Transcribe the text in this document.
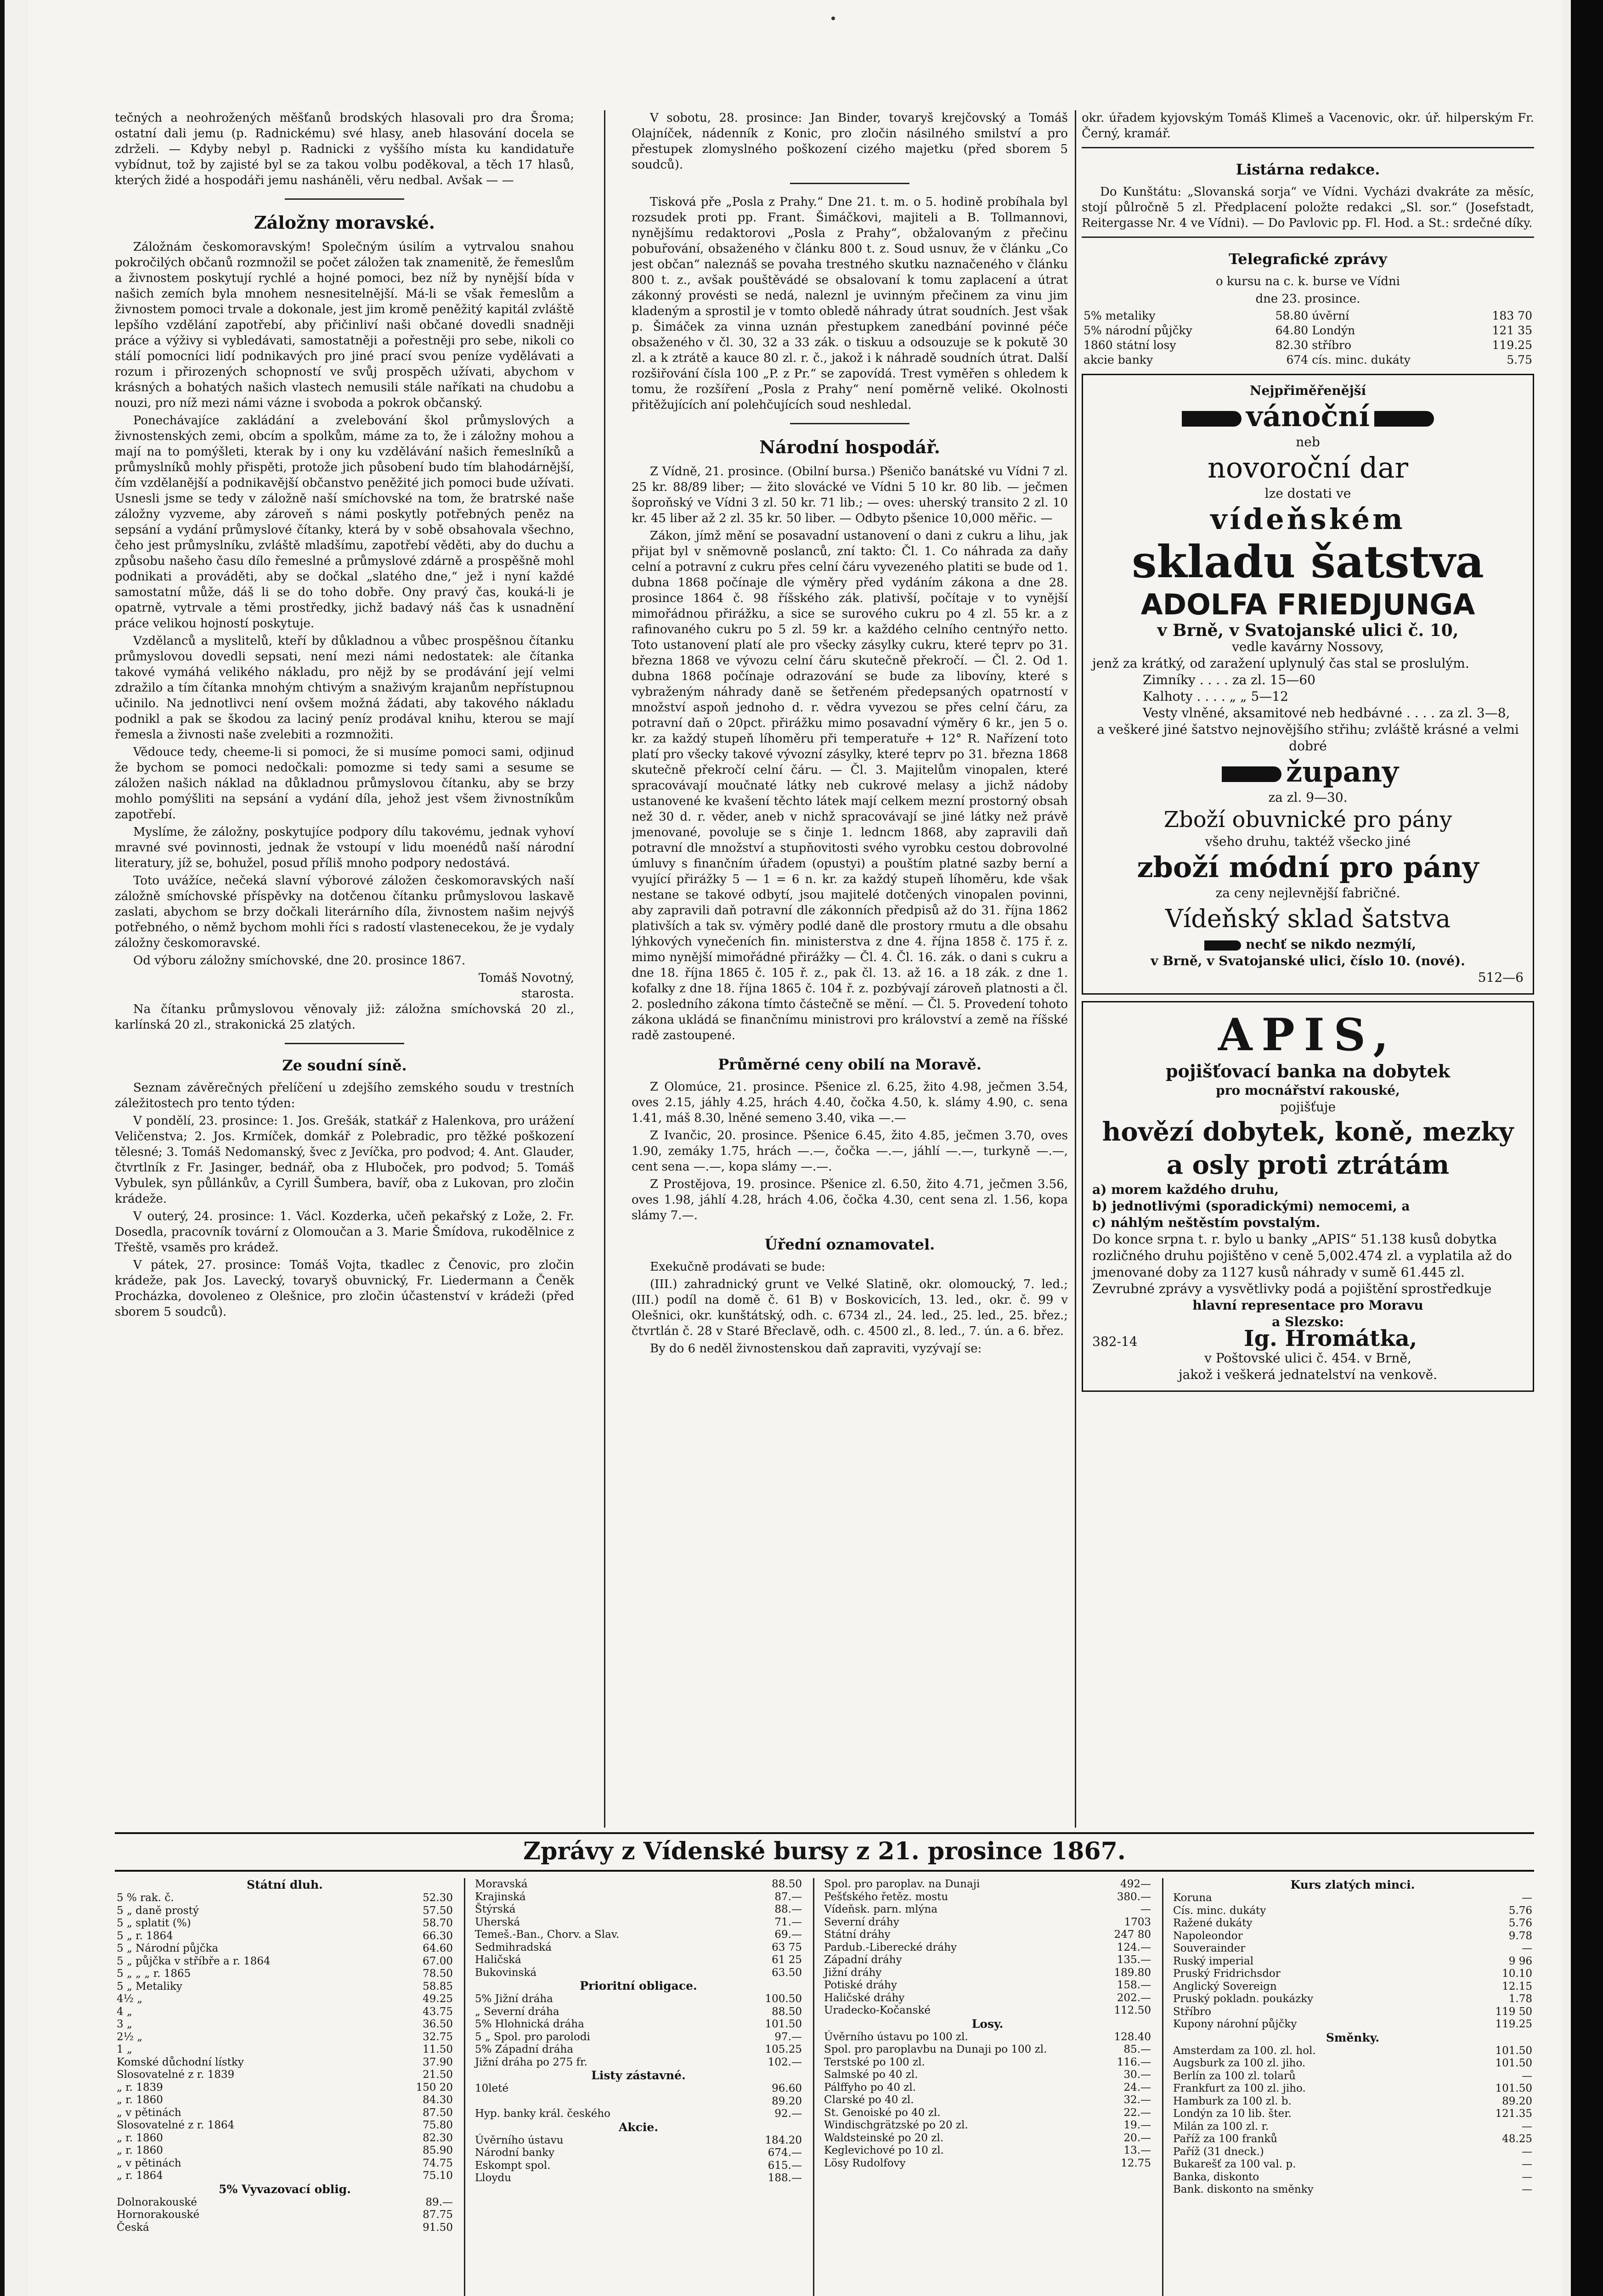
tečných a neohrožených měšťanů brodských hlasovali pro dra Šroma; ostatní dali jemu (p. Radnickému) své hlasy, aneb hlasování docela se zdrželi. — Kdyby nebyl p. Radnicki z vyššího místa ku kandidatuře vybídnut, tož by zajisté byl se za takou volbu poděkoval, a těch 17 hlasů, kterých židé a hospodáři jemu nasháněli, věru nedbal. Avšak — —

Záložny moravské.

Záložnám českomoravským! Společným úsilím a vytrvalou snahou pokročilých občanů rozmnožil se počet záložen tak znamenitě, že řemeslům a živnostem poskytují rychlé a hojné pomoci, bez níž by nynější bída v našich zemích byla mnohem nesnesitelnější. Má-li se však řemeslům a živnostem pomoci trvale a dokonale, jest jim kromě peněžitý kapitál zvláště lepšího vzdělání zapotřebí, aby přičinliví naši občané dovedli snadněji práce a výživy si vybledávati, samostatněji a pořestněji pro sebe, nikoli co stálí pomocníci lidí podnikavých pro jiné prací svou peníze vydělávati a rozum i přirozených schopností ve svůj prospěch užívati, abychom v krásných a bohatých našich vlastech nemusili stále naříkati na chudobu a nouzi, pro níž mezi námi vázne i svoboda a pokrok občanský.

Ponechávajíce zakládání a zvelebování škol průmyslových a živnostenských zemi, obcím a spolkům, máme za to, že i záložny mohou a mají na to pomýšleti, kterak by i ony ku vzdělávání našich řemeslníků a průmyslníků mohly přispěti, protože jich působení budo tím blahodárnější, čím vzdělanější a podnikavější občanstvo peněžité jich pomoci bude užívati. Usnesli jsme se tedy v záložně naší smíchovské na tom, že bratrské naše záložny vyzveme, aby zároveň s námi poskytly potřebných peněz na sepsání a vydání průmyslové čítanky, která by v sobě obsahovala všechno, čeho jest průmyslníku, zvláště mladšímu, zapotřebí věděti, aby do duchu a způsobu našeho času dílo řemeslné a průmyslové zdárně a prospěšně mohl podnikati a prováděti, aby se dočkal „slatého dne,“ jež i nyní každé samostatní může, dáš li se do toho dobře. Ony pravý čas, kouká-li je opatrně, vytrvale a těmi prostředky, jichž badavý náš čas k usnadnění práce velikou hojností poskytuje.

Vzdělanců a myslitelů, kteří by důkladnou a vůbec prospěšnou čítanku průmyslovou dovedli sepsati, není mezi námi nedostatek: ale čítanka takové vymáhá velikého nákladu, pro nějž by se prodávání její velmi zdražilo a tím čítanka mnohým chtivým a snaživým krajanům nepřístupnou učinilo. Na jednotlivci není ovšem možná žádati, aby takového nákladu podnikl a pak se škodou za laciný peníz prodával knihu, kterou se mají řemesla a živnosti naše zvelebiti a rozmnožiti.

Vědouce tedy, cheeme-li si pomoci, že si musíme pomoci sami, odjinud že bychom se pomoci nedočkali: pomozme si tedy sami a sesume se záložen našich náklad na důkladnou průmyslovou čítanku, aby se brzy mohlo pomýšliti na sepsání a vydání díla, jehož jest všem živnostníkům zapotřebí.

Myslíme, že záložny, poskytujíce podpory dílu takovému, jednak vyhoví mravné své povinnosti, jednak že vstoupí v lidu moenédů naší národní literatury, jíž se, bohužel, posud příliš mnoho podpory nedostává.

Toto uvážíce, nečeká slavní výborové záložen českomoravských naší záložně smíchovské příspěvky na dotčenou čítanku průmyslovou laskavě zaslati, abychom se brzy dočkali literárního díla, živnostem našim nejvýš potřebného, o němž bychom mohli říci s radostí vlastenecekou, že je vydaly záložny českomoravské.

Od výboru záložny smíchovské, dne 20. prosince 1867.

Tomáš Novotný,

starosta.

Na čítanku průmyslovou věnovaly již: záložna smíchovská 20 zl., karlínská 20 zl., strakonická 25 zlatých.

Ze soudní síně.

Seznam závěrečných přelíčení u zdejšího zemského soudu v trestních záležitostech pro tento týden:

V pondělí, 23. prosince: 1. Jos. Grešák, statkář z Halenkova, pro urážení Veličenstva; 2. Jos. Krmíček, domkář z Polebradic, pro těžké poškození tělesné; 3. Tomáš Nedomanský, švec z Jevíčka, pro podvod; 4. Ant. Glauder, čtvrtlník z Fr. Jasinger, bednář, oba z Hluboček, pro podvod; 5. Tomáš Vybulek, syn půllánkův, a Cyrill Šumbera, bavíř, oba z Lukovan, pro zločin krádeže.

V outerý, 24. prosince: 1. Václ. Kozderka, učeň pekařský z Lože, 2. Fr. Dosedla, pracovník tovární z Olomoučan a 3. Marie Šmídova, rukodělnice z Třeště, vsaměs pro krádež.

V pátek, 27. prosince: Tomáš Vojta, tkadlec z Čenovic, pro zločin krádeže, pak Jos. Lavecký, tovaryš obuvnický, Fr. Liedermann a Čeněk Procházka, dovoleneo z Olešnice, pro zločin účastenství v krádeži (před sborem 5 soudců).

V sobotu, 28. prosince: Jan Binder, tovaryš krejčovský a Tomáš Olajníček, nádenník z Konic, pro zločin násilného smilství a pro přestupek zlomyslného poškození cizého majetku (před sborem 5 soudců).

Tisková pře „Posla z Prahy.“ Dne 21. t. m. o 5. hodině probíhala byl rozsudek proti pp. Frant. Šimáčkovi, majiteli a B. Tollmannovi, nynějšímu redaktorovi „Posla z Prahy“, obžalovaným z přečinu pobuřování, obsaženého v článku 800 t. z. Soud usnuv, že v článku „Co jest občan“ naleznáš se povaha trestného skutku naznačeného v článku 800 t. z., avšak pouštěvádé se obsalovaní k tomu zaplacení a útrat zákonný provésti se nedá, naleznl je uvinným přečinem za vinu jim kladeným a sprostil je v tomto obledě náhrady útrat soudních. Jest však p. Šimáček za vinna uznán přestupkem zanedbání povinné péče obsaženého v čl. 30, 32 a 33 zák. o tiskuu a odsouzuje se k pokutě 30 zl. a k ztrátě a kauce 80 zl. r. č., jakož i k náhradě soudních útrat. Další rozšiřování čísla 100 „P. z Pr.“ se zapovídá. Trest vyměřen s ohledem k tomu, že rozšíření „Posla z Prahy“ není poměrně veliké. Okolnosti přitěžujících aní polehčujících soud neshledal.

Národní hospodář.

Z Vídně, 21. prosince. (Obilní bursa.) Pšeničo banátské vu Vídni 7 zl. 25 kr. 88/89 liber; — žito slovácké ve Vídni 5 10 kr. 80 lib. — ječmen šoproňský ve Vídni 3 zl. 50 kr. 71 lib.; — oves: uherský transito 2 zl. 10 kr. 45 liber až 2 zl. 35 kr. 50 liber. — Odbyto pšenice 10,000 měřic. —

Zákon, jímž mění se posavadní ustanovení o dani z cukru a lihu, jak přijat byl v sněmovně poslanců, zní takto: Čl. 1. Co náhrada za daňy celní a potravní z cukru přes celní čáru vyvezeného platiti se bude od 1. dubna 1868 počínaje dle výměry před vydáním zákona a dne 28. prosince 1864 č. 98 říšského zák. plativší, počítaje v to vynější mimořádnou přirážku, a sice se surového cukru po 4 zl. 55 kr. a z rafinovaného cukru po 5 zl. 59 kr. a každého celního centnýřo netto. Toto ustanovení platí ale pro všecky zásylky cukru, které teprv po 31. března 1868 ve vývozu celní čáru skutečně překročí. — Čl. 2. Od 1. dubna 1868 počínaje odrazování se bude za libovíny, které s vybraženým náhrady daně se šetřeném předepsaných opatrností v množství aspoň jednoho d. r. vědra vyvezou se přes celní čáru, za potravní daň o 20pct. přirážku mimo posavadní výměry 6 kr., jen 5 o. kr. za každý stupeň líhoměru při temperatuře + 12° R. Nařízení toto platí pro všecky takové vývozní zásylky, které teprv po 31. března 1868 skutečně překročí celní čáru. — Čl. 3. Majitelům vinopalen, které spracovávají moučnaté látky neb cukrové melasy a jichž nádoby ustanovené ke kvašení těchto látek mají celkem mezní prostorný obsah než 30 d. r. věder, aneb v nichž spracovávají se jiné látky než právě jmenované, povoluje se s činje 1. ledncm 1868, aby zapravili daň potravní dle množství a stupňovitosti svého vyrobku cestou dobrovolné úmluvy s finančním úřadem (opustyi) a pouštím platné sazby berní a vyující přirážky 5 — 1 = 6 n. kr. za každý stupeň líhoměru, kde však nestane se takové odbytí, jsou majitelé dotčených vinopalen povinni, aby zapravili daň potravní dle zákonních předpisů až do 31. října 1862 plativších a tak sv. výměry podlé daně dle prostory rmutu a dle obsahu lýhkových vynečeních fin. ministerstva z dne 4. října 1858 č. 175 ř. z. mimo nynější mimořádné přirážky — Čl. 4. Čl. 16. zák. o dani s cukru a dne 18. října 1865 č. 105 ř. z., pak čl. 13. až 16. a 18 zák. z dne 1. kofalky z dne 18. října 1865 č. 104 ř. z. pozbývají zároveň platnosti a čl. 2. posledního zákona tímto částečně se mění. — Čl. 5. Provedení tohoto zákona ukládá se finančnímu ministrovi pro království a země na říšské radě zastoupené.

Průměrné ceny obilí na Moravě.

Z Olomúce, 21. prosince. Pšenice zl. 6.25, žito 4.98, ječmen 3.54, oves 2.15, jáhly 4.25, hrách 4.40, čočka 4.50, k. slámy 4.90, c. sena 1.41, máš 8.30, lněné semeno 3.40, vika —.—

Z Ivančic, 20. prosince. Pšenice 6.45, žito 4.85, ječmen 3.70, oves 1.90, zemáky 1.75, hrách —.—, čočka —.—, jáhlí —.—, turkyně —.—, cent sena —.—, kopa slámy —.—.

Z Prostějova, 19. prosince. Pšenice zl. 6.50, žito 4.71, ječmen 3.56, oves 1.98, jáhlí 4.28, hrách 4.06, čočka 4.30, cent sena zl. 1.56, kopa slámy 7.—.

Úřední oznamovatel.

Exekučně prodávati se bude:

(III.) zahradnický grunt ve Velké Slatině, okr. olomoucký, 7. led.; (III.) podíl na domě č. 61 B) v Boskovicích, 13. led., okr. č. 99 v Olešnici, okr. kunštátský, odh. c. 6734 zl., 24. led., 25. led., 25. břez.; čtvrtlán č. 28 v Staré Břeclavě, odh. c. 4500 zl., 8. led., 7. ún. a 6. břez.

By do 6 neděl živnostenskou daň zapraviti, vyzývají se:

okr. úřadem kyjovským Tomáš Klimeš a Vacenovic, okr. úř. hilperským Fr. Černý, kramář.

Listárna redakce.

Do Kunštátu: „Slovanská sorja“ ve Vídni. Vycházi dvakráte za měsíc, stojí půlročně 5 zl. Předplacení položte redakci „Sl. sor.“ (Josefstadt, Reitergasse Nr. 4 ve Vídni). — Do Pavlovic pp. Fl. Hod. a St.: srdečné díky.

Telegrafické zprávy

o kursu na c. k. burse ve Vídni

dne 23. prosince.

5% metaliky	58.80	úvěrní	183 70
5% národní půjčky	64.80	Londýn	121 35
1860 státní losy	82.30	stříbro	119.25
akcie banky	674	cís. minc. dukáty	5.75
Nejpřiměřenější
vánoční
neb
novoroční dar
lze dostati ve
vídeňském
skladu šatstva
ADOLFA FRIEDJUNGA
v Brně, v Svatojanské ulici č. 10,
vedle kavárny Nossovy,
jenž za krátký, od zaražení uplynulý čas stal se proslulým.
Zimníky . . . . za zl. 15—60
Kalhoty . . . . „ „ 5—12
Vesty vlněné, aksamitové neb hedbávné . . . . za zl. 3—8,
a veškeré jiné šatstvo nejnovějšího střihu; zvláště krásné a velmi dobré
župany
za zl. 9—30.
Zboží obuvnické pro pány
všeho druhu, taktéž všecko jiné
zboží módní pro pány
za ceny nejlevnější fabričné.
Vídeňský sklad šatstva
nechť se nikdo nezmýlí,
v Brně, v Svatojanské ulici, číslo 10. (nové).
512—6
APIS,
pojišťovací banka na dobytek
pro mocnářství rakouské,
pojišťuje
hovězí dobytek, koně, mezky a osly proti ztrátám
a) morem každého druhu,
b) jednotlivými (sporadickými) nemocemi, a
c) náhlým neštěstím povstalým.
Do konce srpna t. r. bylo u banky „APIS“ 51.138 kusů dobytka rozličného druhu pojištěno v ceně 5,002.474 zl. a vyplatila až do jmenované doby za 1127 kusů náhrady v sumě 61.445 zl.
Zevrubné zprávy a vysvětlivky podá a pojištění sprostředkuje
hlavní representace pro Moravu
a Slezsko:
382-14	Ig. Hromátka,
v Poštovské ulici č. 454. v Brně,
jakož i veškerá jednatelství na venkově.
Zprávy z Vídenské bursy z 21. prosince 1867.
Státní dluh.
5 % rak. č.	52.30
5 „ daně prostý	57.50
5 „ splatit (%)	58.70
5 „ r. 1864	66.30
5 „ Národní půjčka	64.60
5 „ půjčka v stříbře a r. 1864	67.00
5 „ „ „ r. 1865	78.50
5 „ Metaliky	58.85
4½ „	49.25
4 „	43.75
3 „	36.50
2½ „	32.75
1 „	11.50
Komské důchodní lístky	37.90
Slosovatelné z r. 1839	21.50
„ r. 1839	150 20
„ r. 1860	84.30
„ v pětinách	87.50
Slosovatelné z r. 1864	75.80
„ r. 1860	82.30
„ r. 1860	85.90
„ v pětinách	74.75
„ r. 1864	75.10
5% Vyvazovací oblig.
Dolnorakouské	89.—
Hornorakouské	87.75
Česká	91.50
Moravská	88.50
Krajinská	87.—
Štýrská	88.—
Uherská	71.—
Temeš.-Ban., Chorv. a Slav.	69.—
Sedmihradská	63 75
Haličská	61 25
Bukovinská	63.50
Prioritní obligace.
5% Jižní dráha	100.50
„ Severní dráha	88.50
5% Hlohnická dráha	101.50
5 „ Spol. pro parolodi	97.—
5% Západní dráha	105.25
Jižní dráha po 275 fr.	102.—
Listy zástavné.
10leté	96.60
	89.20
Hyp. banky král. českého	92.—
Akcie.
Úvěrního ústavu	184.20
Národní banky	674.—
Eskompt spol.	615.—
Lloydu	188.—
Spol. pro paroplav. na Dunaji	492—
Pešťského řetěz. mostu	380.—
Vídeňsk. parn. mlýna	—
Severní dráhy	1703
Státní dráhy	247 80
Pardub.-Liberecké dráhy	124.—
Západní dráhy	135.—
Jižní dráhy	189.80
Potiské dráhy	158.—
Haličské dráhy	202.—
Uradecko-Kočanské	112.50
Losy.
Úvěrního ústavu po 100 zl.	128.40
Spol. pro paroplavbu na Dunaji po 100 zl.	85.—
Terstské po 100 zl.	116.—
Salmské po 40 zl.	30.—
Pálffyho po 40 zl.	24.—
Clarské po 40 zl.	32.—
St. Genoiské po 40 zl.	22.—
Windischgrätzské po 20 zl.	19.—
Waldsteinské po 20 zl.	20.—
Keglevichové po 10 zl.	13.—
Lösy Rudolfovy	12.75
Kurs zlatých minci.
Koruna	—
Cís. minc. dukáty	5.76
Ražené dukáty	5.76
Napoleondor	9.78
Souverainder	—
Ruský imperial	9 96
Pruský Fridrichsdor	10.10
Anglický Sovereign	12.15
Pruský pokladn. poukázky	1.78
Stříbro	119 50
Kupony nárohní půjčky	119.25
Směnky.
Amsterdam za 100. zl. hol.	101.50
Augsburk za 100 zl. jiho.	101.50
Berlín za 100 zl. tolarů	—
Frankfurt za 100 zl. jiho.	101.50
Hamburk za 100 zl. b.	89.20
Londýn za 10 lib. šter.	121.35
Milán za 100 zl. r.	—
Paříž za 100 franků	48.25
Paříž (31 dneck.)	—
Bukarešť za 100 val. p.	—
Banka, diskonto	—
Bank. diskonto na směnky	—
